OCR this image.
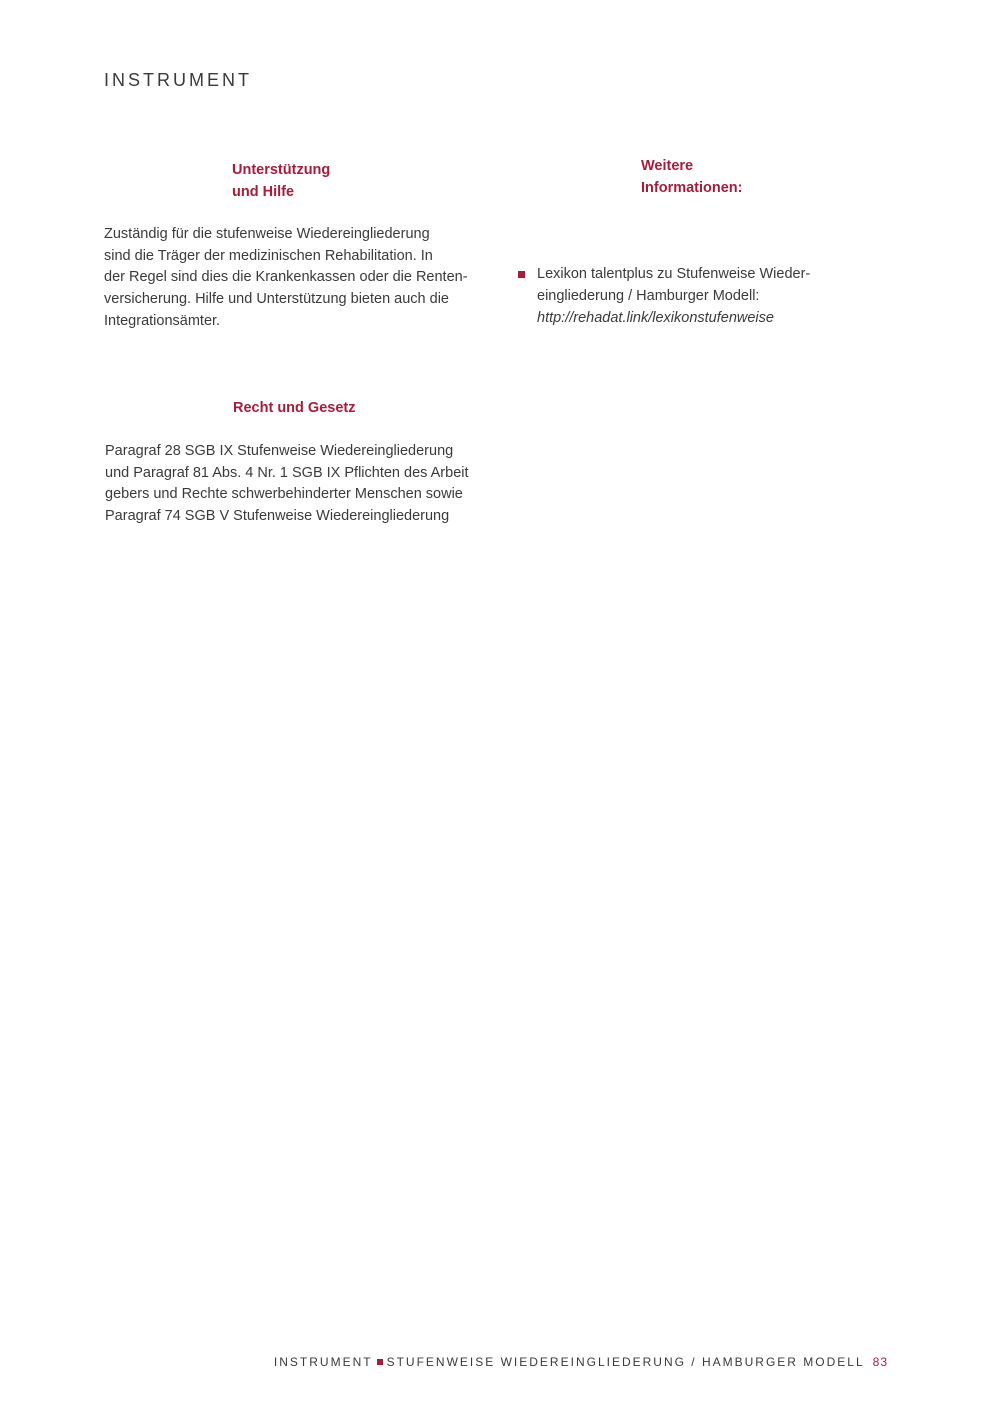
INSTRUMENT
Unterstützung
und Hilfe
Zuständig für die stufenweise Wiedereingliederung
sind die Träger der medizinischen Rehabilitation. In
der Regel sind dies die Krankenkassen oder die Renten-
versicherung. Hilfe und Unterstützung bieten auch die
Integrationsämter.
Recht und Gesetz
Paragraf 28 SGB IX Stufenweise Wiedereingliederung
und Paragraf 81 Abs. 4 Nr. 1 SGB IX Pflichten des Arbeit
gebers und Rechte schwerbehinderter Menschen sowie
Paragraf 74 SGB V Stufenweise Wiedereingliederung
Weitere
Informationen:
Lexikon talentplus zu Stufenweise Wieder-
eingliederung / Hamburger Modell:
http://rehadat.link/lexikonstufenweise
INSTRUMENT STUFENWEISE WIEDEREINGLIEDERUNG / HAMBURGER MODELL 83
